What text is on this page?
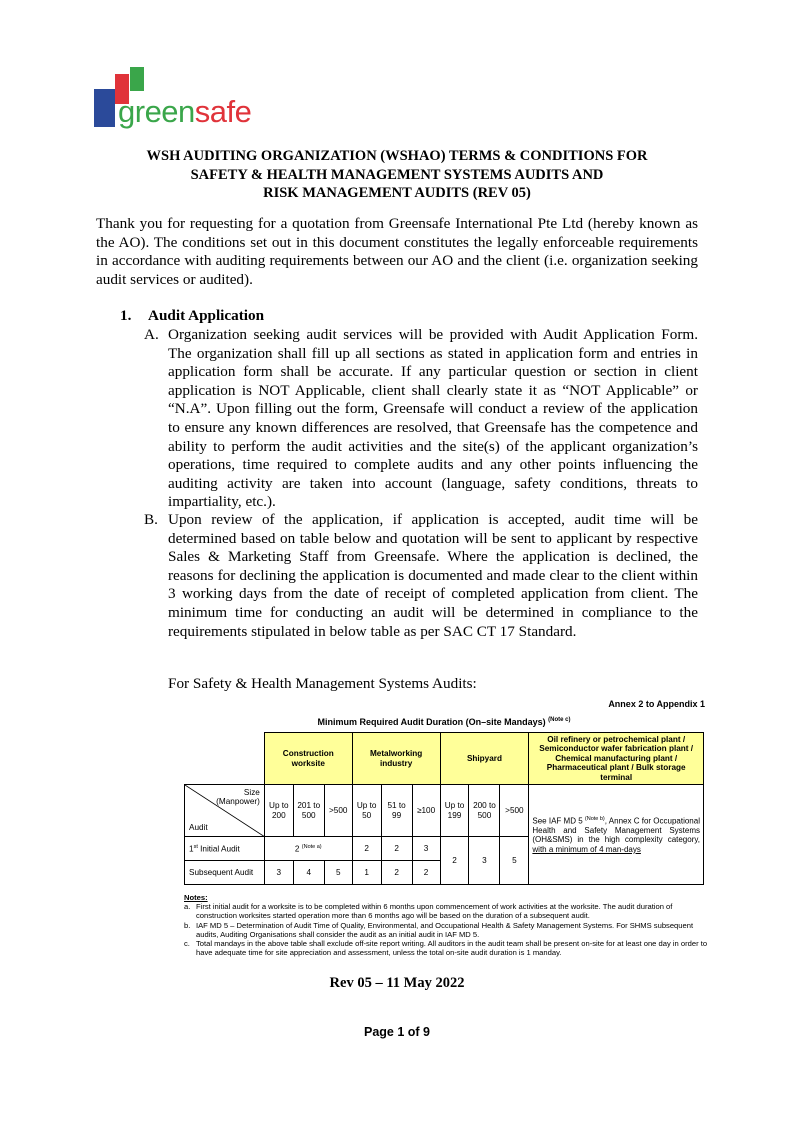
greensafe
WSH AUDITING ORGANIZATION (WSHAO) TERMS & CONDITIONS FOR
SAFETY & HEALTH MANAGEMENT SYSTEMS AUDITS AND
RISK MANAGEMENT AUDITS (REV 05)
Thank you for requesting for a quotation from Greensafe International Pte Ltd (hereby known as the AO). The conditions set out in this document constitutes the legally enforceable requirements in accordance with auditing requirements between our AO and the client (i.e. organization seeking audit services or audited).
1. Audit Application
A. Organization seeking audit services will be provided with Audit Application Form. The organization shall fill up all sections as stated in application form and entries in application form shall be accurate. If any particular question or section in client application is NOT Applicable, client shall clearly state it as “NOT Applicable” or “N.A”. Upon filling out the form, Greensafe will conduct a review of the application to ensure any known differences are resolved, that Greensafe has the competence and ability to perform the audit activities and the site(s) of the applicant organization’s operations, time required to complete audits and any other points influencing the auditing activity are taken into account (language, safety conditions, threats to impartiality, etc.).
B. Upon review of the application, if application is accepted, audit time will be determined based on table below and quotation will be sent to applicant by respective Sales & Marketing Staff from Greensafe. Where the application is declined, the reasons for declining the application is documented and made clear to the client within 3 working days from the date of receipt of completed application from client. The minimum time for conducting an audit will be determined in compliance to the requirements stipulated in below table as per SAC CT 17 Standard.
For Safety & Health Management Systems Audits:
Annex 2 to Appendix 1
Minimum Required Audit Duration (On–site Mandays) $^{(Note c)}$
	Construction worksite			Metalworking industry			Shipyard			Oil refinery or petrochemical plant / Semiconductor wafer fabrication plant / Chemical manufacturing plant / Pharmaceutical plant / Bulk storage terminal

Size
(Manpower)
Audit	Up to 200	201 to 500	>500	Up to 50	51 to 99	≥100	Up to 199	200 to 500	>500	See IAF MD 5 $^{(Note b)}$, Annex C for Occupational Health and Safety Management Systems (OH&SMS) in the high complexity category, with a minimum of 4 man-days
1st Initial Audit	2 $^{(Note a)}$			2	2	3	2	3	5	
Subsequent Audit	3	4	5	1	2	2				
Notes:
a. First initial audit for a worksite is to be completed within 6 months upon commencement of work activities at the worksite. The audit duration of construction worksites started operation more than 6 months ago will be based on the duration of a subsequent audit.
b. IAF MD 5 – Determination of Audit Time of Quality, Environmental, and Occupational Health & Safety Management Systems. For SHMS subsequent audits, Auditing Organisations shall consider the audit as an initial audit in IAF MD 5.
c. Total mandays in the above table shall exclude off-site report writing. All auditors in the audit team shall be present on-site for at least one day in order to have adequate time for site appreciation and assessment, unless the total on-site audit duration is 1 manday.
Rev 05 – 11 May 2022
Page 1 of 9
